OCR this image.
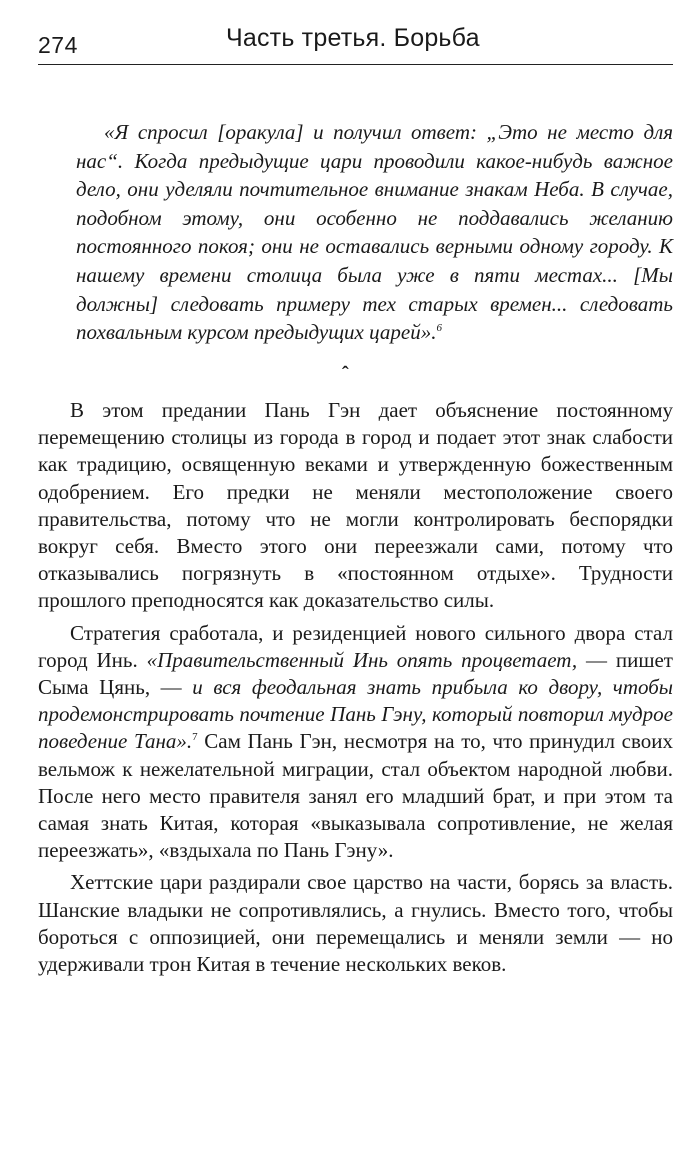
274	Часть третья. Борьба
«Я спросил [оракула] и получил ответ: „Это не место для нас“. Когда предыдущие цари проводили какое-нибудь важное дело, они уделяли почтительное внимание знакам Неба. В случае, подобном этому, они особенно не поддавались желанию постоянного покоя; они не оставались верными одному городу. К нашему времени столица была уже в пяти местах... [Мы должны] следовать примеру тех старых времен... следовать похвальным курсом предыдущих царей».$^6$
ˆ

В этом предании Пань Гэн дает объяснение постоянному перемещению столицы из города в город и подает этот знак слабости как традицию, освященную веками и утвержденную божественным одобрением. Его предки не меняли местоположение своего правительства, потому что не могли контролировать беспорядки вокруг себя. Вместо этого они переезжали сами, потому что отказывались погрязнуть в «постоянном отдыхе». Трудности прошлого преподносятся как доказательство силы.

Стратегия сработала, и резиденцией нового сильного двора стал город Инь. «Правительственный Инь опять процветает, — пишет Сыма Цянь, — и вся феодальная знать прибыла ко двору, чтобы продемонстрировать почтение Пань Гэну, который повторил мудрое поведение Тана».$^7$ Сам Пань Гэн, несмотря на то, что принудил своих вельмож к нежелательной миграции, стал объектом народной любви. После него место правителя занял его младший брат, и при этом та самая знать Китая, которая «выказывала сопротивление, не желая переезжать», «вздыхала по Пань Гэну».

Хеттские цари раздирали свое царство на части, борясь за власть. Шанские владыки не сопротивлялись, а гнулись. Вместо того, чтобы бороться с оппозицией, они перемещались и меняли земли — но удерживали трон Китая в течение нескольких веков.
